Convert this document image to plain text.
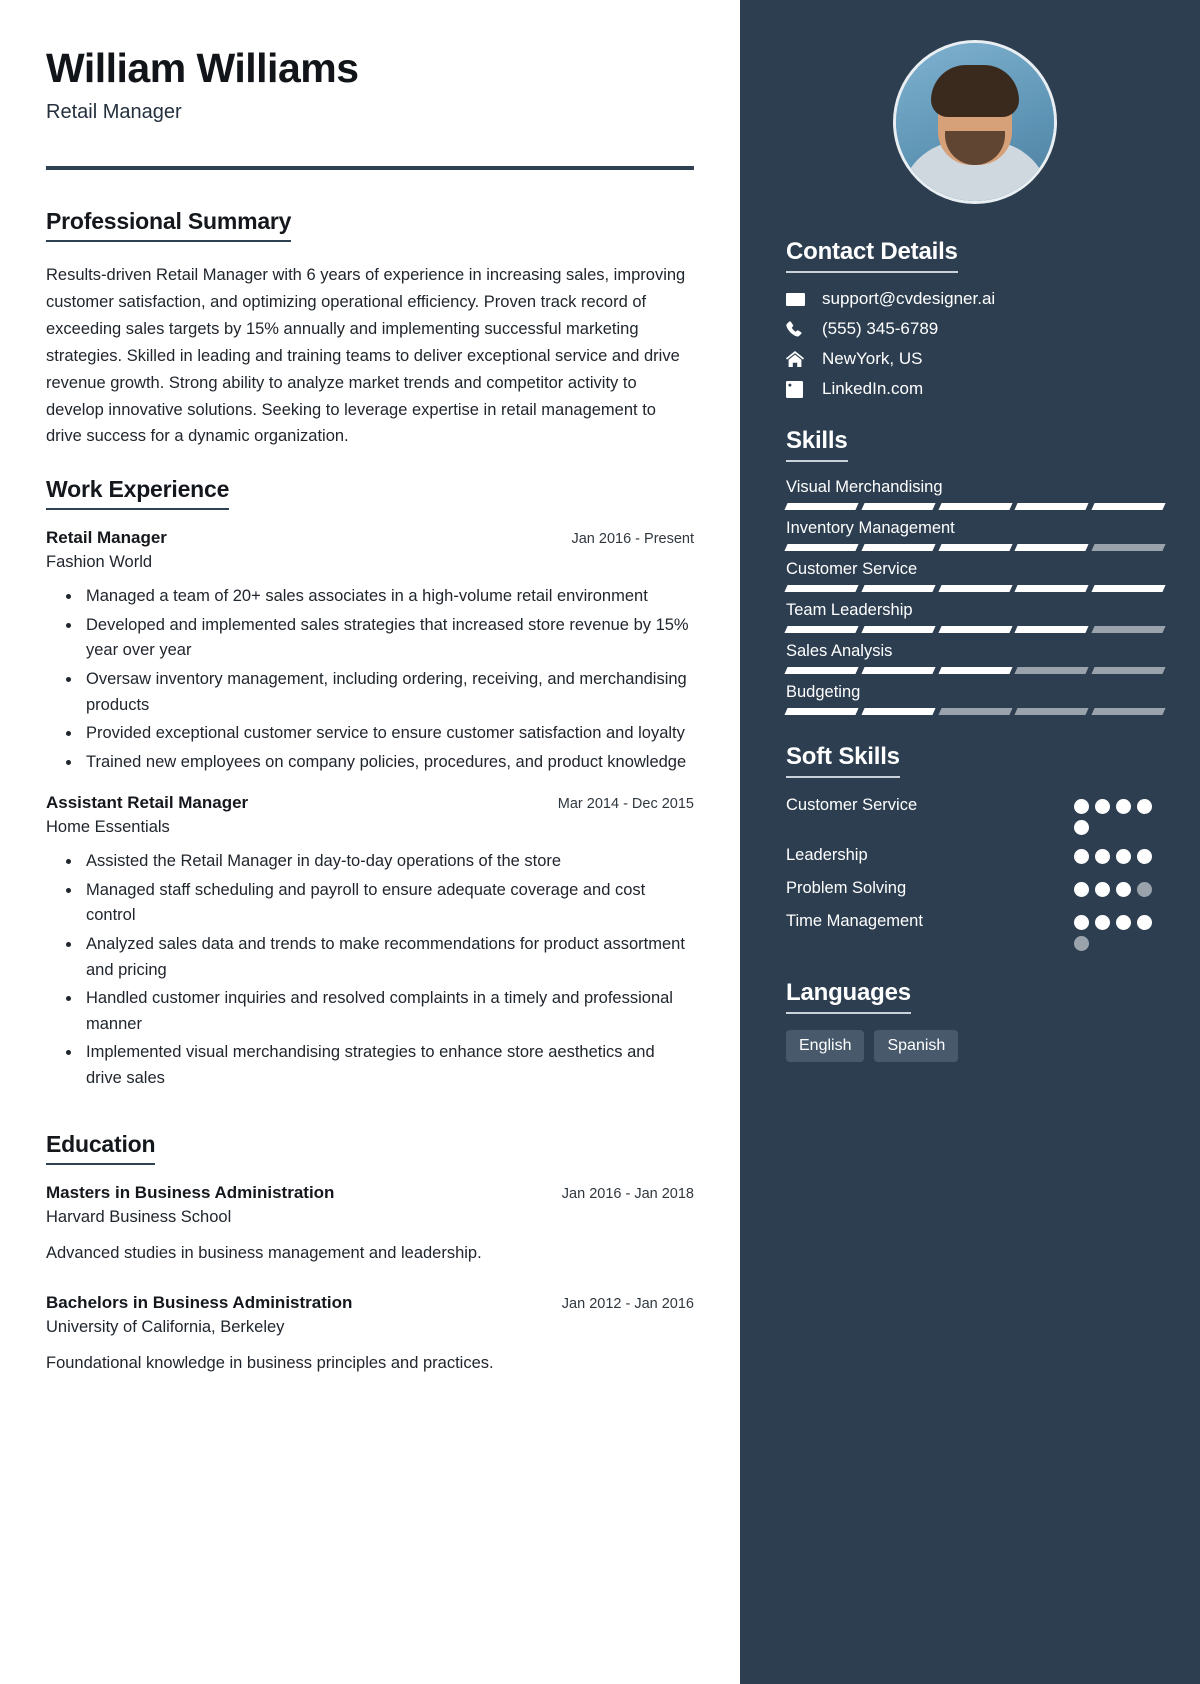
William Williams
Retail Manager
Professional Summary
Results-driven Retail Manager with 6 years of experience in increasing sales, improving customer satisfaction, and optimizing operational efficiency. Proven track record of exceeding sales targets by 15% annually and implementing successful marketing strategies. Skilled in leading and training teams to deliver exceptional service and drive revenue growth. Strong ability to analyze market trends and competitor activity to develop innovative solutions. Seeking to leverage expertise in retail management to drive success for a dynamic organization.
Work Experience
Retail Manager	Jan 2016 - Present
Fashion World
• Managed a team of 20+ sales associates in a high-volume retail environment
• Developed and implemented sales strategies that increased store revenue by 15% year over year
• Oversaw inventory management, including ordering, receiving, and merchandising products
• Provided exceptional customer service to ensure customer satisfaction and loyalty
• Trained new employees on company policies, procedures, and product knowledge
Assistant Retail Manager	Mar 2014 - Dec 2015
Home Essentials
• Assisted the Retail Manager in day-to-day operations of the store
• Managed staff scheduling and payroll to ensure adequate coverage and cost control
• Analyzed sales data and trends to make recommendations for product assortment and pricing
• Handled customer inquiries and resolved complaints in a timely and professional manner
• Implemented visual merchandising strategies to enhance store aesthetics and drive sales
Education
Masters in Business Administration	Jan 2016 - Jan 2018
Harvard Business School
Advanced studies in business management and leadership.
Bachelors in Business Administration	Jan 2012 - Jan 2016
University of California, Berkeley
Foundational knowledge in business principles and practices.
Contact Details
support@cvdesigner.ai
(555) 345-6789
NewYork, US
LinkedIn.com
Skills
Visual Merchandising
Inventory Management
Customer Service
Team Leadership
Sales Analysis
Budgeting
Soft Skills
Customer Service
Leadership
Problem Solving
Time Management
Languages
English	Spanish
